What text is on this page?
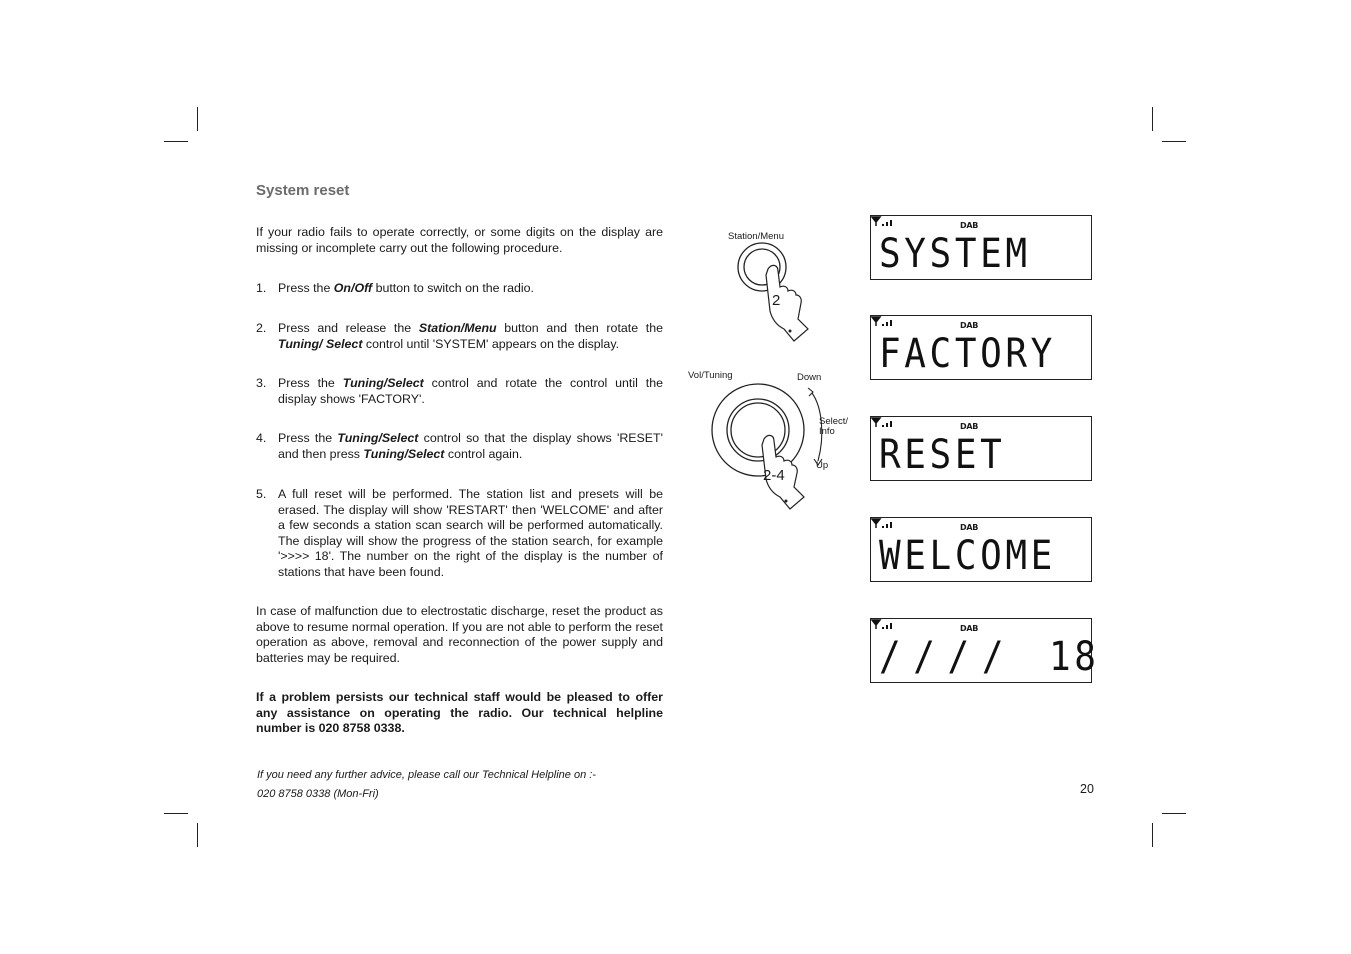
System reset
If your radio fails to operate correctly, or some digits on the display are missing or incomplete carry out the following procedure.
1. Press the On/Off button to switch on the radio.
2. Press and release the Station/Menu button and then rotate the Tuning/ Select control until 'SYSTEM' appears on the display.
3. Press the Tuning/Select control and rotate the control until the display shows 'FACTORY'.
4. Press the Tuning/Select control so that the display shows 'RESET' and then press Tuning/Select control again.
5. A full reset will be performed. The station list and presets will be erased. The display will show 'RESTART' then 'WELCOME' and after a few seconds a station scan search will be performed automatically. The display will show the progress of the station search, for example '>>>> 18'. The number on the right of the display is the number of stations that have been found.
In case of malfunction due to electrostatic discharge, reset the product as above to resume normal operation. If you are not able to perform the reset operation as above, removal and reconnection of the power supply and batteries may be required.
If a problem persists our technical staff would be pleased to offer any assistance on operating the radio. Our technical helpline number is 020 8758 0338.
If you need any further advice, please call our Technical Helpline on :-
020 8758 0338 (Mon-Fri)	20
Station/Menu
2
Vol/Tuning	Down
Select/
Info
Up
2-4
DAB
SYSTEM
DAB
FACTORY
DAB
RESET
DAB
WELCOME
DAB
//// 18
